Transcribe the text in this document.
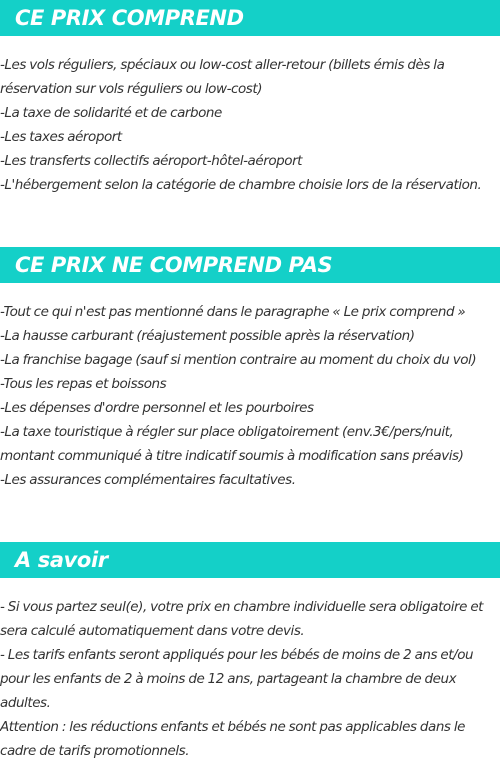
CE PRIX COMPREND

-Les vols réguliers, spéciaux ou low-cost aller-retour (billets émis dès la réservation sur vols réguliers ou low-cost)

-La taxe de solidarité et de carbone

-Les taxes aéroport

-Les transferts collectifs aéroport-hôtel-aéroport

-L'hébergement selon la catégorie de chambre choisie lors de la réservation.

CE PRIX NE COMPREND PAS

-Tout ce qui n'est pas mentionné dans le paragraphe « Le prix comprend »

-La hausse carburant (réajustement possible après la réservation)

-La franchise bagage (sauf si mention contraire au moment du choix du vol)

-Tous les repas et boissons

-Les dépenses d'ordre personnel et les pourboires

-La taxe touristique à régler sur place obligatoirement (env.3€/pers/nuit, montant communiqué à titre indicatif soumis à modification sans préavis)

-Les assurances complémentaires facultatives.

A savoir

- Si vous partez seul(e), votre prix en chambre individuelle sera obligatoire et sera calculé automatiquement dans votre devis.

- Les tarifs enfants seront appliqués pour les bébés de moins de 2 ans et/ou pour les enfants de 2 à moins de 12 ans, partageant la chambre de deux adultes.

Attention : les réductions enfants et bébés ne sont pas applicables dans le cadre de tarifs promotionnels.
